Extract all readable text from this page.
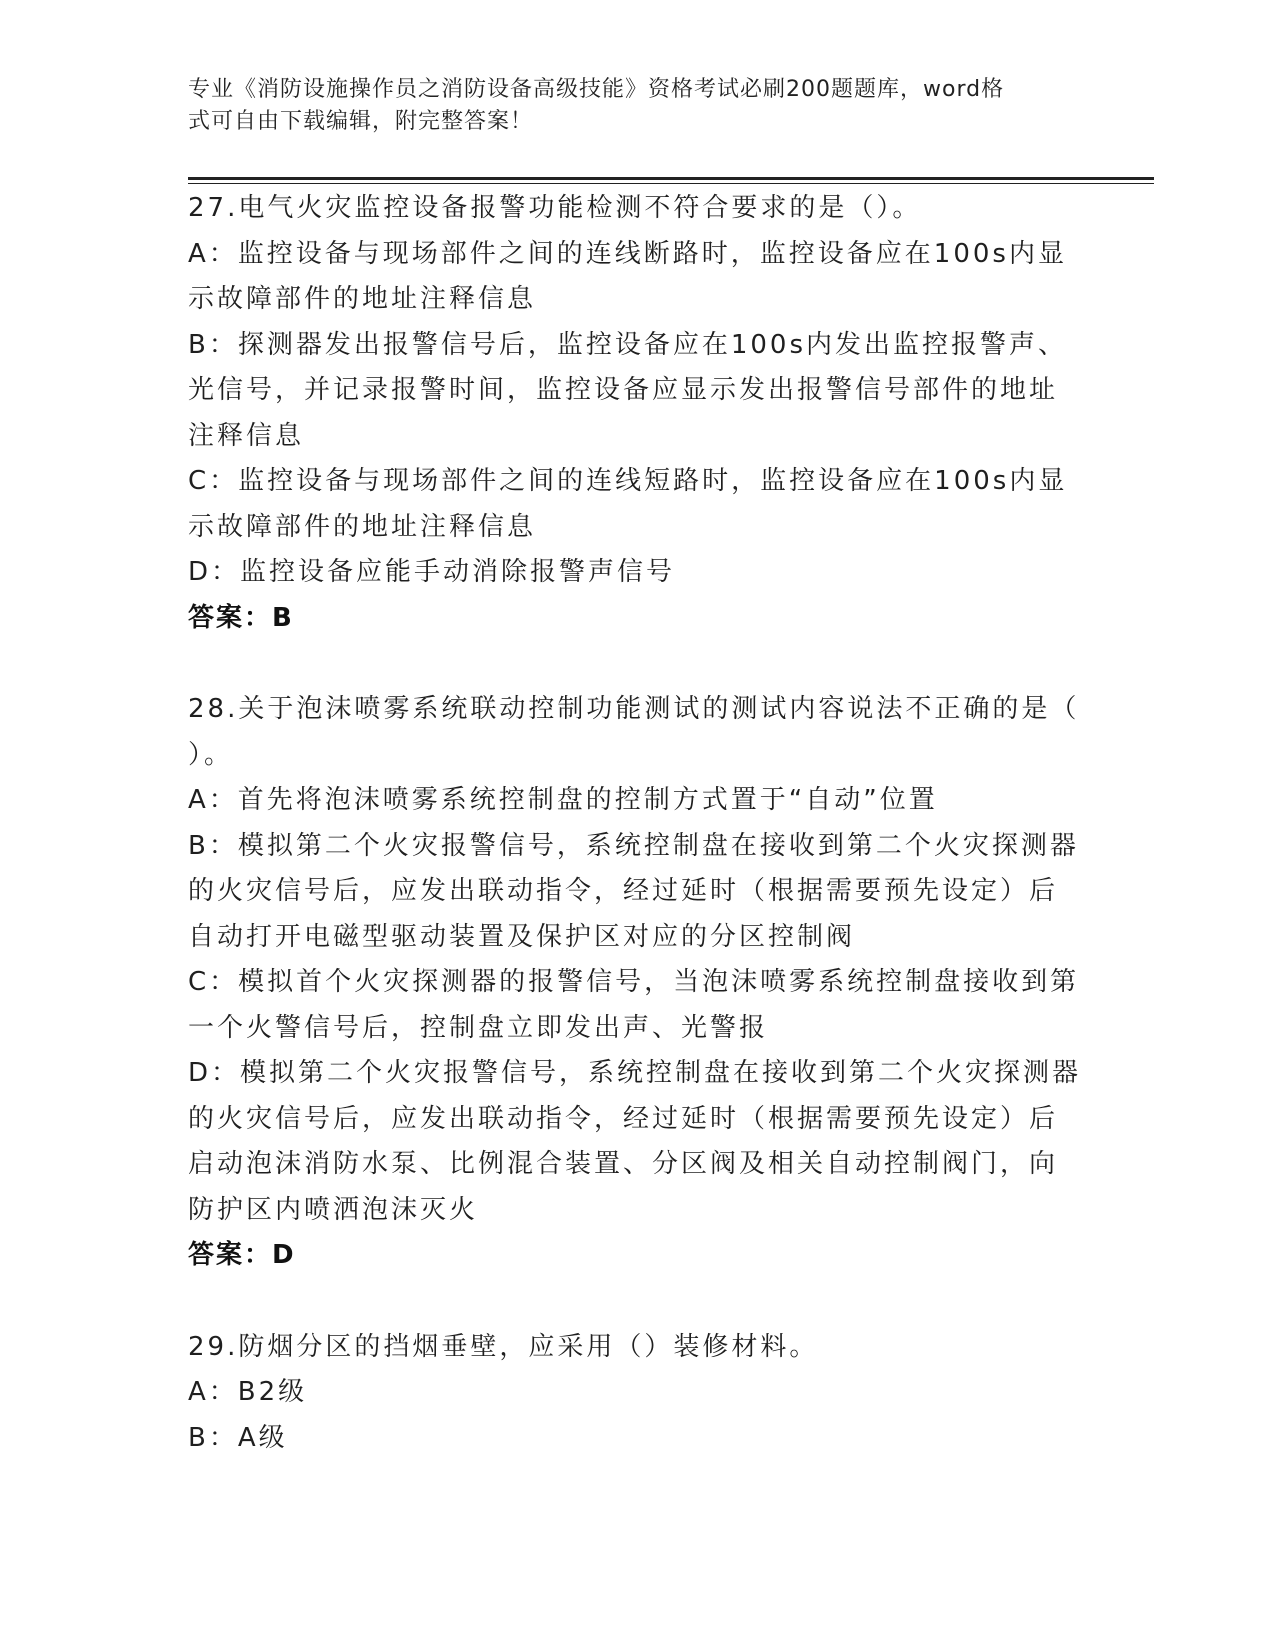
专业《消防设施操作员之消防设备高级技能》资格考试必刷200题题库，word格
式可自由下载编辑，附完整答案！

27.电气火灾监控设备报警功能检测不符合要求的是（）。

A：监控设备与现场部件之间的连线断路时，监控设备应在100s内显

示故障部件的地址注释信息

B：探测器发出报警信号后，监控设备应在100s内发出监控报警声、

光信号，并记录报警时间，监控设备应显示发出报警信号部件的地址

注释信息

C：监控设备与现场部件之间的连线短路时，监控设备应在100s内显

示故障部件的地址注释信息

D：监控设备应能手动消除报警声信号

答案：B

28.关于泡沫喷雾系统联动控制功能测试的测试内容说法不正确的是（

）。

A：首先将泡沫喷雾系统控制盘的控制方式置于“自动”位置

B：模拟第二个火灾报警信号，系统控制盘在接收到第二个火灾探测器

的火灾信号后，应发出联动指令，经过延时（根据需要预先设定）后

自动打开电磁型驱动装置及保护区对应的分区控制阀

C：模拟首个火灾探测器的报警信号，当泡沫喷雾系统控制盘接收到第

一个火警信号后，控制盘立即发出声、光警报

D：模拟第二个火灾报警信号，系统控制盘在接收到第二个火灾探测器

的火灾信号后，应发出联动指令，经过延时（根据需要预先设定）后

启动泡沫消防水泵、比例混合装置、分区阀及相关自动控制阀门，向

防护区内喷洒泡沫灭火

答案：D

29.防烟分区的挡烟垂壁，应采用（）装修材料。

A：B2级

B：A级
